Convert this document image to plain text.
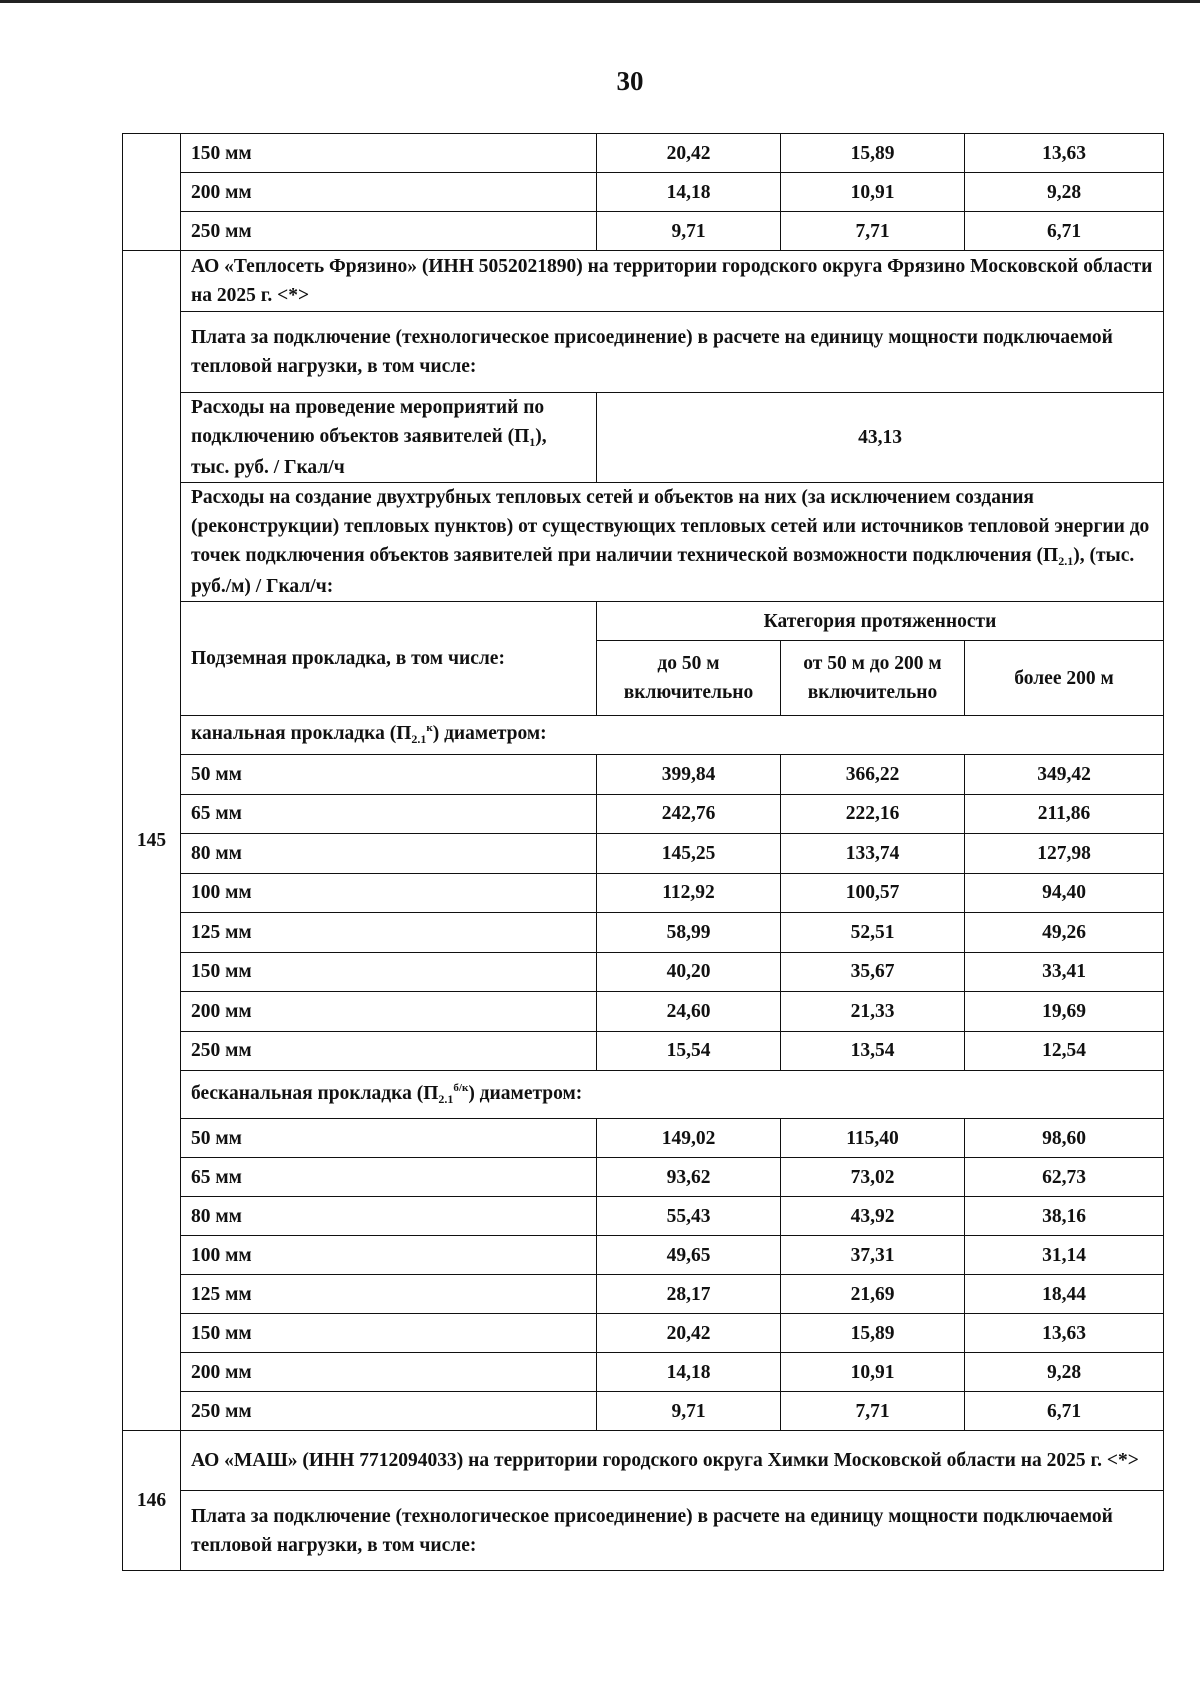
30
	150 мм	20,42	15,89	13,63
	200 мм	14,18	10,91	9,28
	250 мм	9,71	7,71	6,71
145	АО «Теплосеть Фрязино» (ИНН 5052021890) на территории городского округа Фрязино Московской области на 2025 г. <*>			
	Плата за подключение (технологическое присоединение) в расчете на единицу мощности подключаемой тепловой нагрузки, в том числе:			
	Расходы на проведение мероприятий по подключению объектов заявителей $(П_1)$, тыс. руб. / Гкал/ч	43,13		
	Расходы на создание двухтрубных тепловых сетей и объектов на них (за исключением создания (реконструкции) тепловых пунктов) от существующих тепловых сетей или источников тепловой энергии до точек подключения объектов заявителей при наличии технической возможности подключения $(П_{2.1})$, (тыс. руб./м) / Гкал/ч:			
	Подземная прокладка, в том числе:	Категория протяженности		
		до 50 м включительно	от 50 м до 200 м включительно	более 200 м
	канальная прокладка $(П_{2.1}^к)$ диаметром:			
	50 мм	399,84	366,22	349,42
	65 мм	242,76	222,16	211,86
	80 мм	145,25	133,74	127,98
	100 мм	112,92	100,57	94,40
	125 мм	58,99	52,51	49,26
	150 мм	40,20	35,67	33,41
	200 мм	24,60	21,33	19,69
	250 мм	15,54	13,54	12,54
	бесканальная прокладка $(П_{2.1}^{б/к})$ диаметром:			
	50 мм	149,02	115,40	98,60
	65 мм	93,62	73,02	62,73
	80 мм	55,43	43,92	38,16
	100 мм	49,65	37,31	31,14
	125 мм	28,17	21,69	18,44
	150 мм	20,42	15,89	13,63
	200 мм	14,18	10,91	9,28
	250 мм	9,71	7,71	6,71
146	АО «МАШ» (ИНН 7712094033) на территории городского округа Химки Московской области на 2025 г. <*>			
	Плата за подключение (технологическое присоединение) в расчете на единицу мощности подключаемой тепловой нагрузки, в том числе:			
